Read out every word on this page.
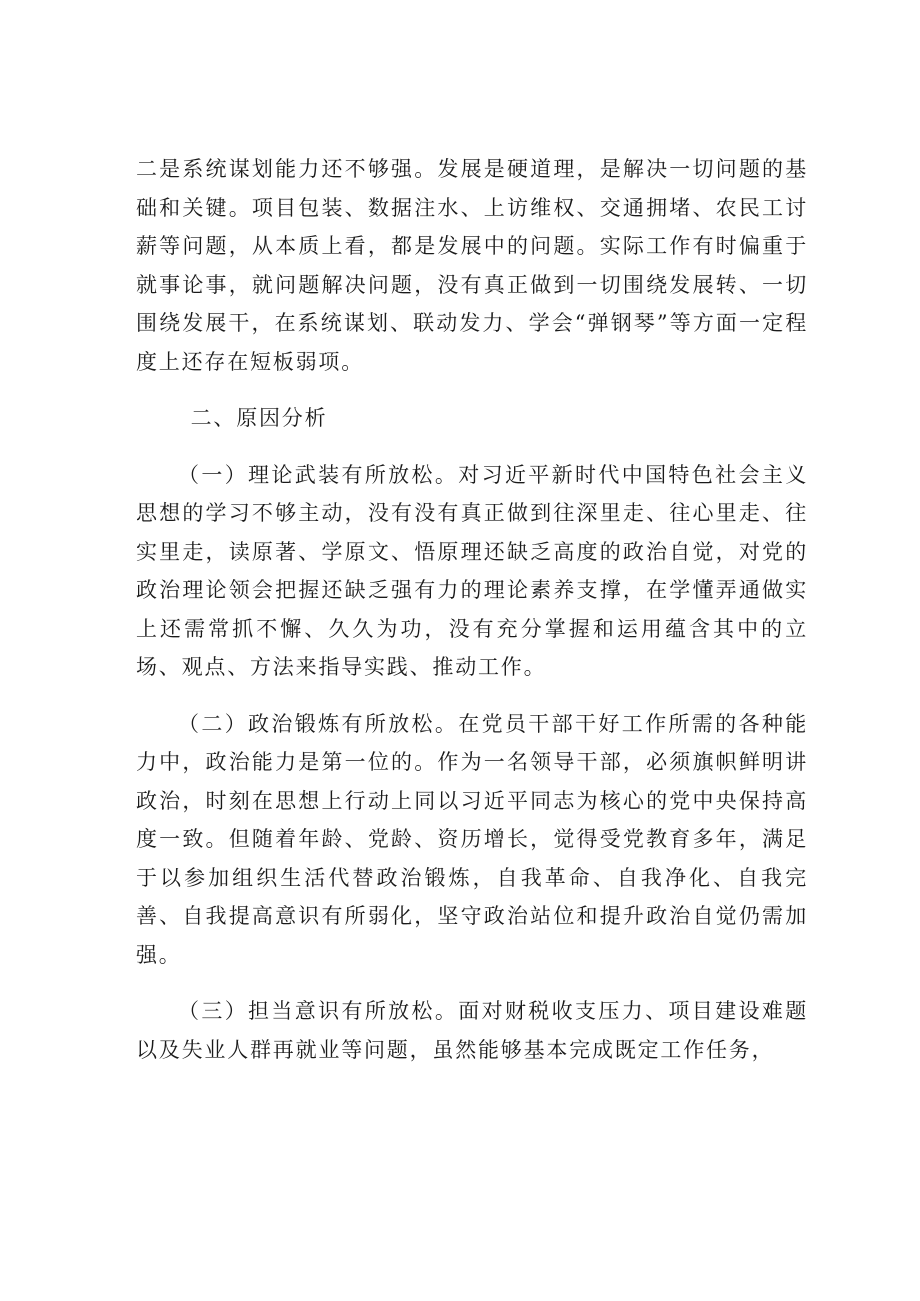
二是系统谋划能力还不够强。发展是硬道理，是解决一切问题的基础和关键。项目包装、数据注水、上访维权、交通拥堵、农民工讨薪等问题，从本质上看，都是发展中的问题。实际工作有时偏重于就事论事，就问题解决问题，没有真正做到一切围绕发展转、一切围绕发展干，在系统谋划、联动发力、学会“弹钢琴”等方面一定程度上还存在短板弱项。

二、原因分析

（一）理论武装有所放松。对习近平新时代中国特色社会主义思想的学习不够主动，没有没有真正做到往深里走、往心里走、往实里走，读原著、学原文、悟原理还缺乏高度的政治自觉，对党的政治理论领会把握还缺乏强有力的理论素养支撑，在学懂弄通做实上还需常抓不懈、久久为功，没有充分掌握和运用蕴含其中的立场、观点、方法来指导实践、推动工作。

（二）政治锻炼有所放松。在党员干部干好工作所需的各种能力中，政治能力是第一位的。作为一名领导干部，必须旗帜鲜明讲政治，时刻在思想上行动上同以习近平同志为核心的党中央保持高度一致。但随着年龄、党龄、资历增长，觉得受党教育多年，满足于以参加组织生活代替政治锻炼，自我革命、自我净化、自我完善、自我提高意识有所弱化，坚守政治站位和提升政治自觉仍需加强。

（三）担当意识有所放松。面对财税收支压力、项目建设难题以及失业人群再就业等问题，虽然能够基本完成既定工作任务，
